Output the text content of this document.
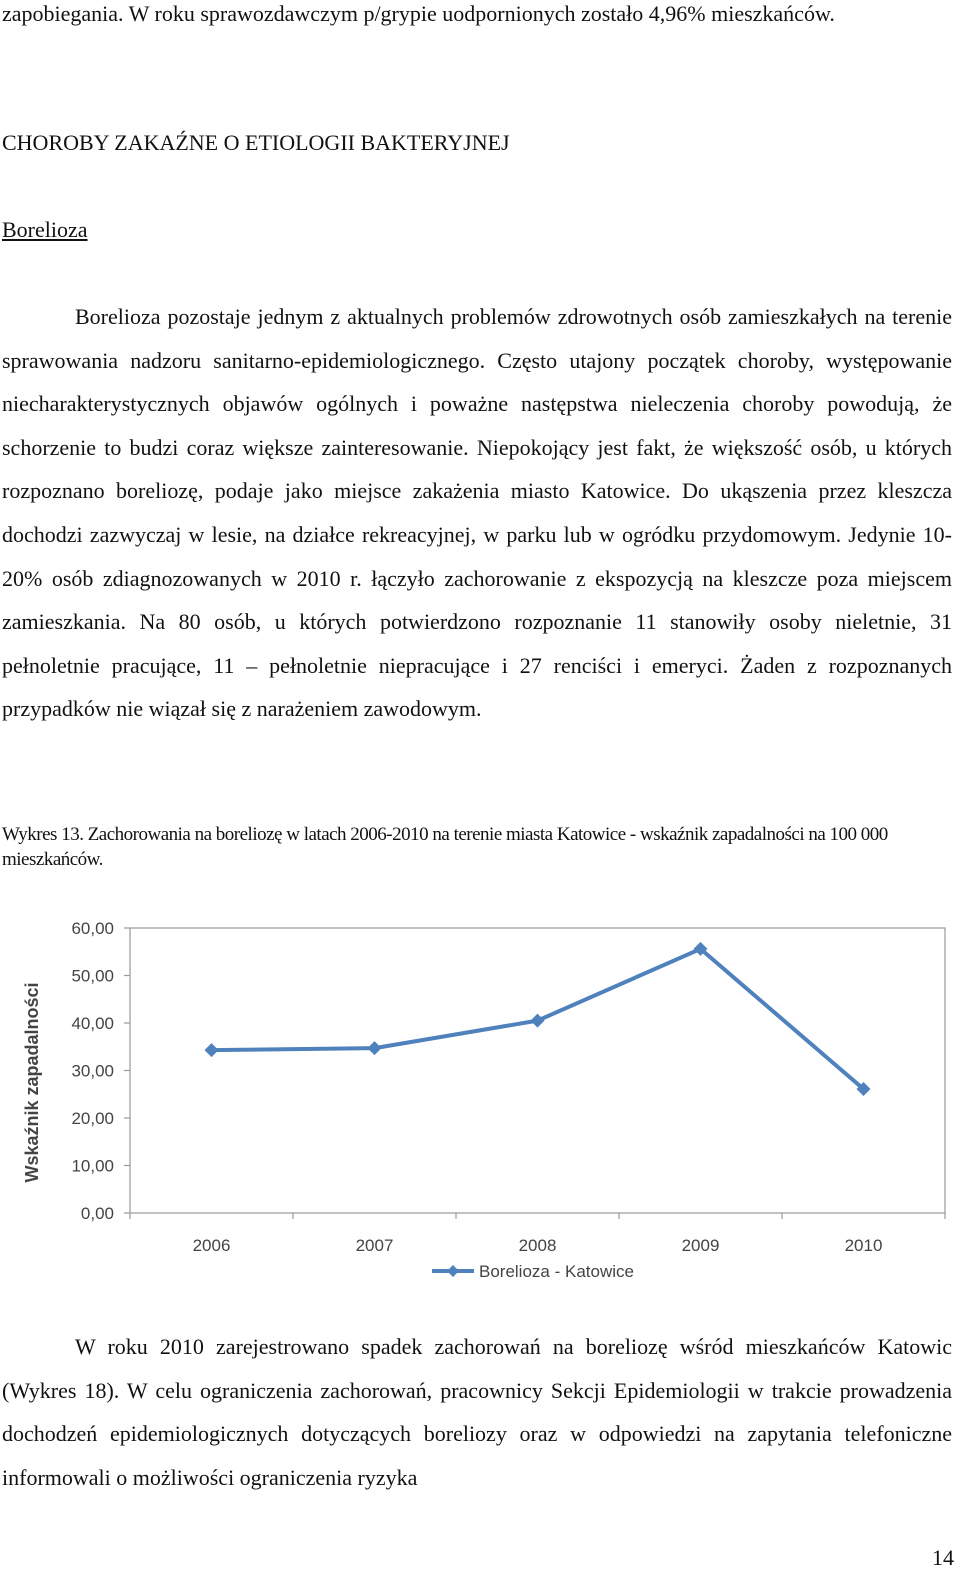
zapobiegania. W roku sprawozdawczym p/grypie uodpornionych zostało 4,96% mieszkańców.

CHOROBY ZAKAŹNE O ETIOLOGII BAKTERYJNEJ
Borelioza

Borelioza pozostaje jednym z aktualnych problemów zdrowotnych osób zamieszkałych na terenie sprawowania nadzoru sanitarno-epidemiologicznego. Często utajony początek choroby, występowanie niecharakterystycznych objawów ogólnych i poważne następstwa nieleczenia choroby powodują, że schorzenie to budzi coraz większe zainteresowanie. Niepokojący jest fakt, że większość osób, u których rozpoznano boreliozę, podaje jako miejsce zakażenia miasto Katowice. Do ukąszenia przez kleszcza dochodzi zazwyczaj w lesie, na działce rekreacyjnej, w parku lub w ogródku przydomowym. Jedynie 10-20% osób zdiagnozowanych w 2010 r. łączyło zachorowanie z ekspozycją na kleszcze poza miejscem zamieszkania. Na 80 osób, u których potwierdzono rozpoznanie 11 stanowiły osoby nieletnie, 31 pełnoletnie pracujące, 11 – pełnoletnie niepracujące i 27 renciści i emeryci. Żaden z rozpoznanych przypadków nie wiązał się z narażeniem zawodowym.

Wykres 13. Zachorowania na boreliozę w latach 2006-2010 na terenie miasta Katowice - wskaźnik zapadalności na 100 000 mieszkańców.

0,00
10,00
20,00
30,00
40,00
50,00
60,00
2006	2007	2008	2009	2010
Wskaźnik zapadalności
Borelioza - Katowice

W roku 2010 zarejestrowano spadek zachorowań na boreliozę wśród mieszkańców Katowic (Wykres 18). W celu ograniczenia zachorowań, pracownicy Sekcji Epidemiologii w trakcie prowadzenia dochodzeń epidemiologicznych dotyczących boreliozy oraz w odpowiedzi na zapytania telefoniczne informowali o możliwości ograniczenia ryzyka

14
